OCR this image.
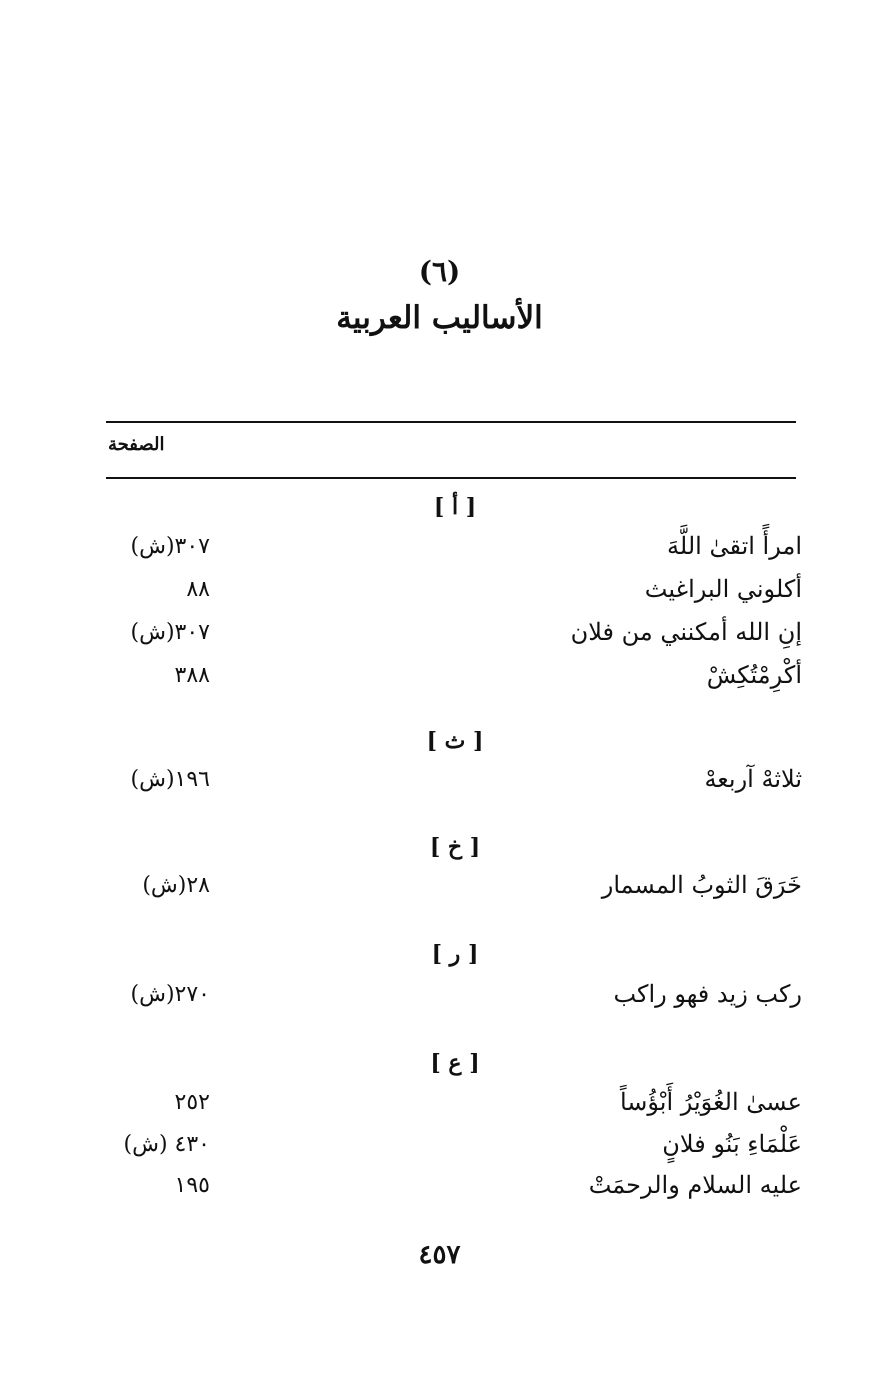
(٦)
الأساليب العربية
الصفحة
[ أ ]
امرأً اتقىٰ اللَّهَ
٣٠٧(ش)
أكلوني البراغيث
٨٨
إنِ الله أمكنني من فلان
٣٠٧(ش)
أكْرِمْتُكِشْ
٣٨٨
[ ث ]
ثلاثهْ آربعهْ
١٩٦(ش)
[ خ ]
خَرَقَ الثوبُ المسمار
٢٨(ش)
[ ر ]
ركب زيد فهو راكب
٢٧٠(ش)
[ ع ]
عسىٰ الغُوَيْرُ أَبْؤُساً
٢٥٢
عَلْمَاءِ بَنُو فلانٍ
٤٣٠ (ش)
عليه السلام والرحمَتْ
١٩٥
٤٥٧
